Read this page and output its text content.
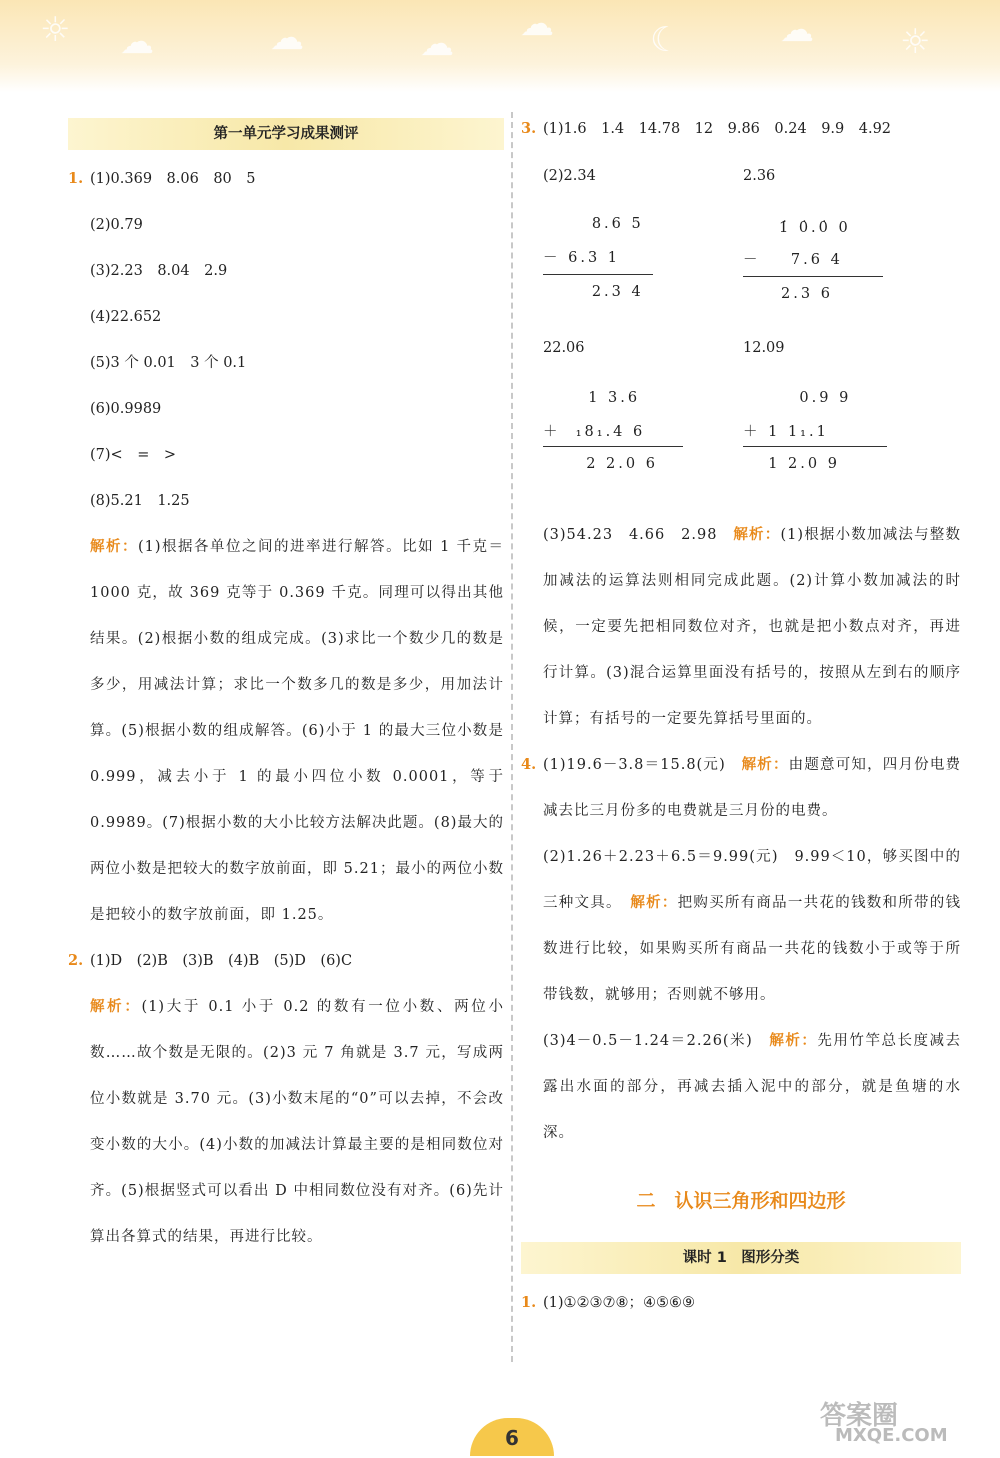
☼ ☁	☁	☁ ☁	☾	☁	☼
第一单元学习成果测评
1. (1)0.369　8.06　80　5
(2)0.79
(3)2.23　8.04　2.9
(4)22.652
(5)3 个 0.01　3 个 0.1
(6)0.9989
(7)<　=　>
(8)5.21　1.25
解析：(1)根据各单位之间的进率进行解答。比如 1 千克＝1000 克，故 369 克等于 0.369 千克。同理可以得出其他结果。(2)根据小数的组成完成。(3)求比一个数少几的数是多少，用减法计算；求比一个数多几的数是多少，用加法计算。(5)根据小数的组成解答。(6)小于 1 的最大三位小数是 0.999，减去小于 1 的最小四位小数 0.0001，等于 0.9989。(7)根据小数的大小比较方法解决此题。(8)最大的两位小数是把较大的数字放前面，即 5.21；最小的两位小数是把较小的数字放前面，即 1.25。
2. (1)D　(2)B　(3)B　(4)B　(5)D　(6)C
解析：(1)大于 0.1 小于 0.2 的数有一位小数、两位小数……故个数是无限的。(2)3 元 7 角就是 3.7 元，写成两位小数就是 3.70 元。(3)小数末尾的“0”可以去掉，不会改变小数的大小。(4)小数的加减法计算最主要的是相同数位对齐。(5)根据竖式可以看出 D 中相同数位没有对齐。(6)先计算出各算式的结果，再进行比较。
3. (1)1.6　1.4　14.78　12　9.86　0.24　9.9　4.92
(2)2.34
8.6 5
－ 6.3 1
2.3 4
2.36
1̇ 0̇.0̇ 0
－    7.6 4
2.3 6
22.06
1 3.6
＋  ₁8₁.4 6
2 2.0 6
12.09
0.9 9
＋ 1 1₁.1
1 2.0 9
(3)54.23　4.66　2.98　 解析：(1)根据小数加减法与整数加减法的运算法则相同完成此题。(2)计算小数加减法的时候，一定要先把相同数位对齐，也就是把小数点对齐，再进行计算。(3)混合运算里面没有括号的，按照从左到右的顺序计算；有括号的一定要先算括号里面的。
4. (1)19.6－3.8＝15.8(元)　 解析：由题意可知，四月份电费减去比三月份多的电费就是三月份的电费。
(2)1.26＋2.23＋6.5＝9.99(元)　9.99＜10，够买图中的三种文具。　 解析：把购买所有商品一共花的钱数和所带的钱数进行比较，如果购买所有商品一共花的钱数小于或等于所带钱数，就够用；否则就不够用。
(3)4－0.5－1.24＝2.26(米)　 解析：先用竹竿总长度减去露出水面的部分，再减去插入泥中的部分，就是鱼塘的水深。
二　认识三角形和四边形
课时 1　图形分类
1. (1)①②③⑦⑧；④⑤⑥⑨
6
答案圈
MXQE.COM
